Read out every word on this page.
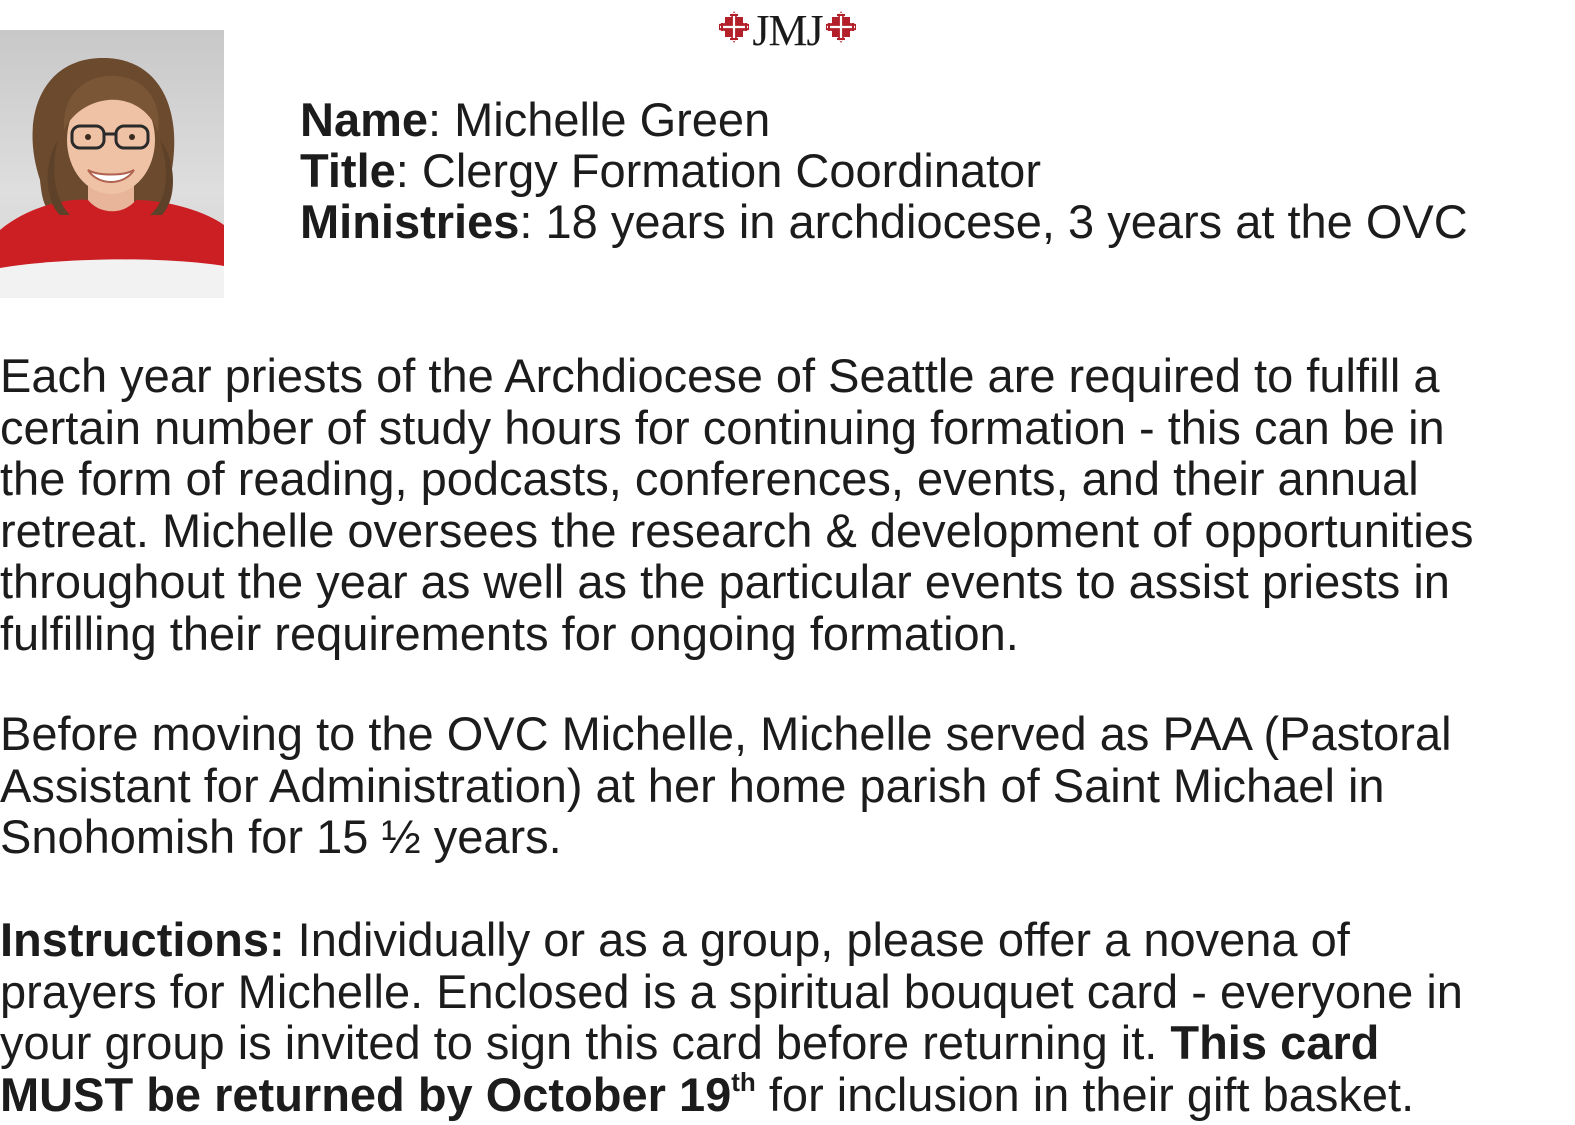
JMJ
Name: Michelle Green
Title: Clergy Formation Coordinator
Ministries: 18 years in archdiocese, 3 years at the OVC
Each year priests of the Archdiocese of Seattle are required to fulfill a
certain number of study hours for continuing formation - this can be in
the form of reading, podcasts, conferences, events, and their annual
retreat. Michelle oversees the research & development of opportunities
throughout the year as well as the particular events to assist priests in
fulfilling their requirements for ongoing formation.
Before moving to the OVC Michelle, Michelle served as PAA (Pastoral
Assistant for Administration) at her home parish of Saint Michael in
Snohomish for 15 ½ years.
Instructions: Individually or as a group, please offer a novena of
prayers for Michelle. Enclosed is a spiritual bouquet card - everyone in
your group is invited to sign this card before returning it. This card
MUST be returned by October 19th for inclusion in their gift basket.
